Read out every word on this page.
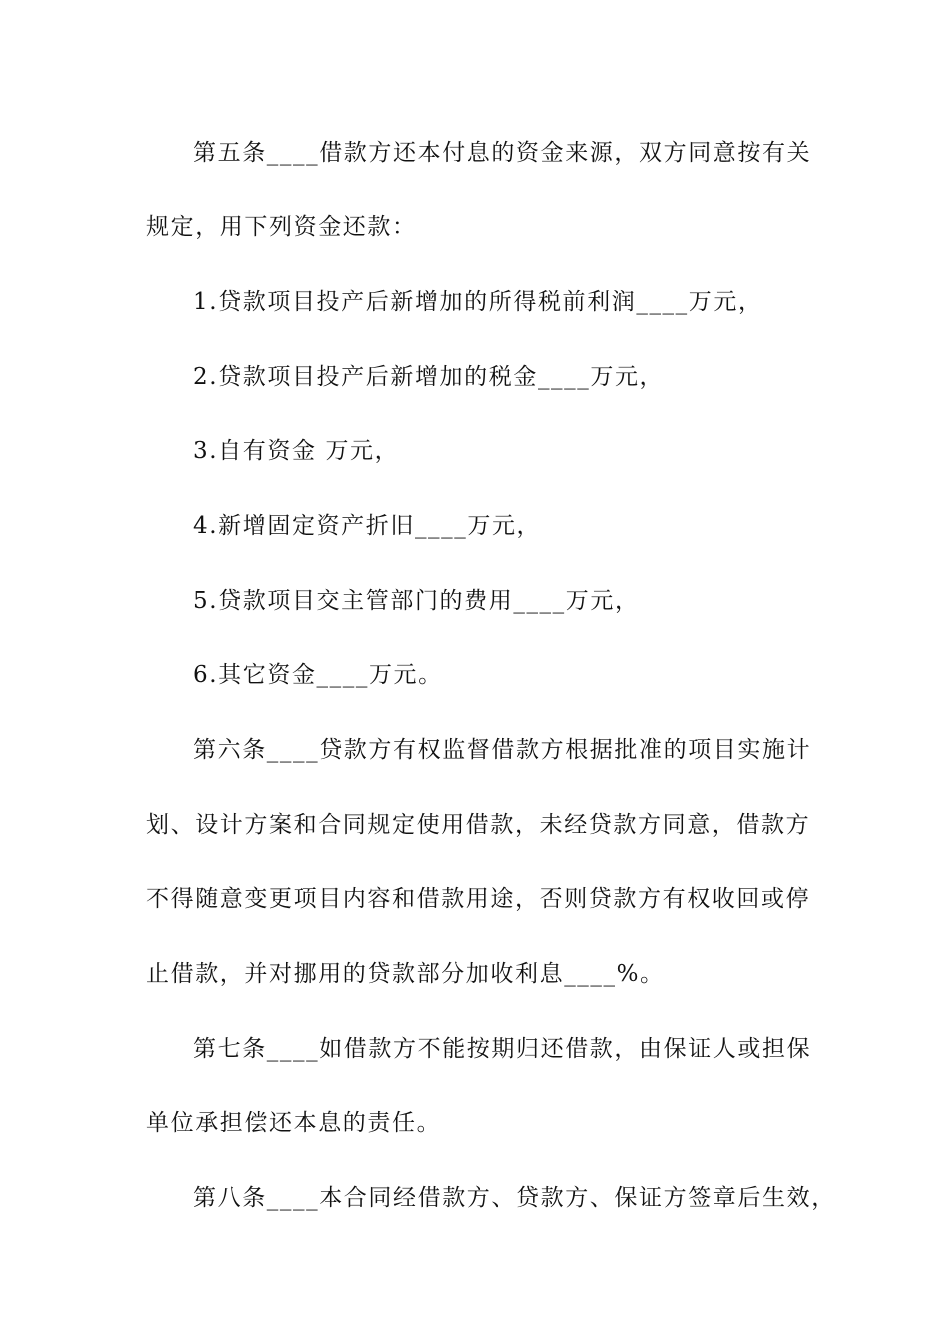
第五条____借款方还本付息的资金来源，双方同意按有关
规定，用下列资金还款：
1.贷款项目投产后新增加的所得税前利润____万元，
2.贷款项目投产后新增加的税金____万元，
3.自有资金 万元，
4.新增固定资产折旧____万元，
5.贷款项目交主管部门的费用____万元，
6.其它资金____万元。
第六条____贷款方有权监督借款方根据批准的项目实施计
划、设计方案和合同规定使用借款，未经贷款方同意，借款方
不得随意变更项目内容和借款用途，否则贷款方有权收回或停
止借款，并对挪用的贷款部分加收利息____%。
第七条____如借款方不能按期归还借款，由保证人或担保
单位承担偿还本息的责任。
第八条____本合同经借款方、贷款方、保证方签章后生效，
